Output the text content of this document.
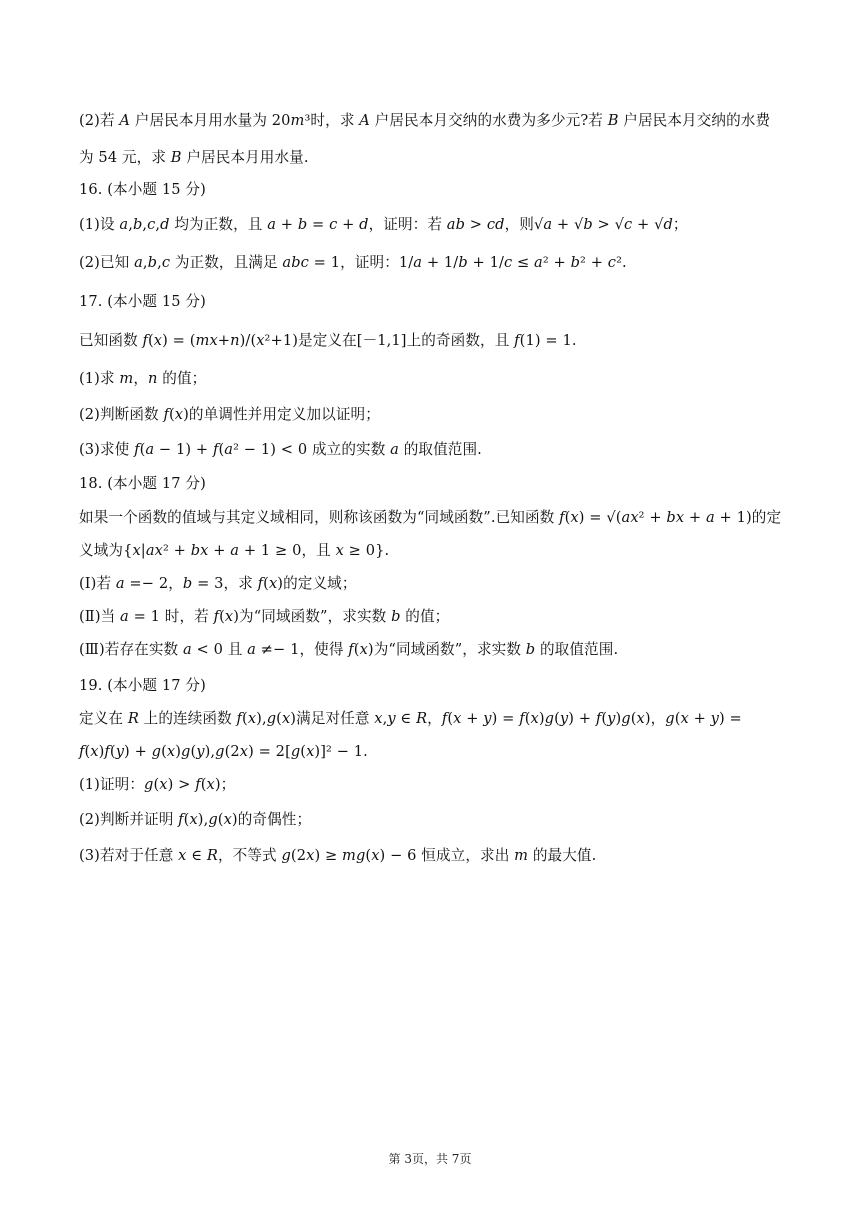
(2)若 𝐴 户居民本月用水量为 20𝑚³时，求 𝐴 户居民本月交纳的水费为多少元?若 𝐵 户居民本月交纳的水费
为 54 元，求 𝐵 户居民本月用水量.
16. (本小题 15 分)
(1)设 𝑎,𝑏,𝑐,𝑑 均为正数，且 𝑎 + 𝑏 = 𝑐 + 𝑑，证明：若 𝑎𝑏 > 𝑐𝑑，则√𝑎 + √𝑏 > √𝑐 + √𝑑；
(2)已知 𝑎,𝑏,𝑐 为正数，且满足 𝑎𝑏𝑐 = 1，证明：1/𝑎 + 1/𝑏 + 1/𝑐 ≤ 𝑎² + 𝑏² + 𝑐².
17. (本小题 15 分)
已知函数 𝑓(𝑥) = (𝑚𝑥+𝑛)/(𝑥²+1)是定义在[－1,1]上的奇函数，且 𝑓(1) = 1.
(1)求 𝑚，𝑛 的值；
(2)判断函数 𝑓(𝑥)的单调性并用定义加以证明；
(3)求使 𝑓(𝑎 − 1) + 𝑓(𝑎² − 1) < 0 成立的实数 𝑎 的取值范围.
18. (本小题 17 分)
如果一个函数的值域与其定义域相同，则称该函数为“同域函数”.已知函数 𝑓(𝑥) = √(𝑎𝑥² + 𝑏𝑥 + 𝑎 + 1)的定
义域为{𝑥|𝑎𝑥² + 𝑏𝑥 + 𝑎 + 1 ≥ 0，且 𝑥 ≥ 0}.
(Ⅰ)若 𝑎 =− 2，𝑏 = 3，求 𝑓(𝑥)的定义域；
(Ⅱ)当 𝑎 = 1 时，若 𝑓(𝑥)为“同域函数”，求实数 𝑏 的值；
(Ⅲ)若存在实数 𝑎 < 0 且 𝑎 ≠− 1，使得 𝑓(𝑥)为“同域函数”，求实数 𝑏 的取值范围.
19. (本小题 17 分)
定义在 𝑅 上的连续函数 𝑓(𝑥),𝑔(𝑥)满足对任意 𝑥,𝑦 ∈ 𝑅，𝑓(𝑥 + 𝑦) = 𝑓(𝑥)𝑔(𝑦) + 𝑓(𝑦)𝑔(𝑥)，𝑔(𝑥 + 𝑦) =
𝑓(𝑥)𝑓(𝑦) + 𝑔(𝑥)𝑔(𝑦),𝑔(2𝑥) = 2[𝑔(𝑥)]² − 1.
(1)证明：𝑔(𝑥) > 𝑓(𝑥)；
(2)判断并证明 𝑓(𝑥),𝑔(𝑥)的奇偶性；
(3)若对于任意 𝑥 ∈ 𝑅，不等式 𝑔(2𝑥) ≥ 𝑚𝑔(𝑥) − 6 恒成立，求出 𝑚 的最大值.
第 3页，共 7页
